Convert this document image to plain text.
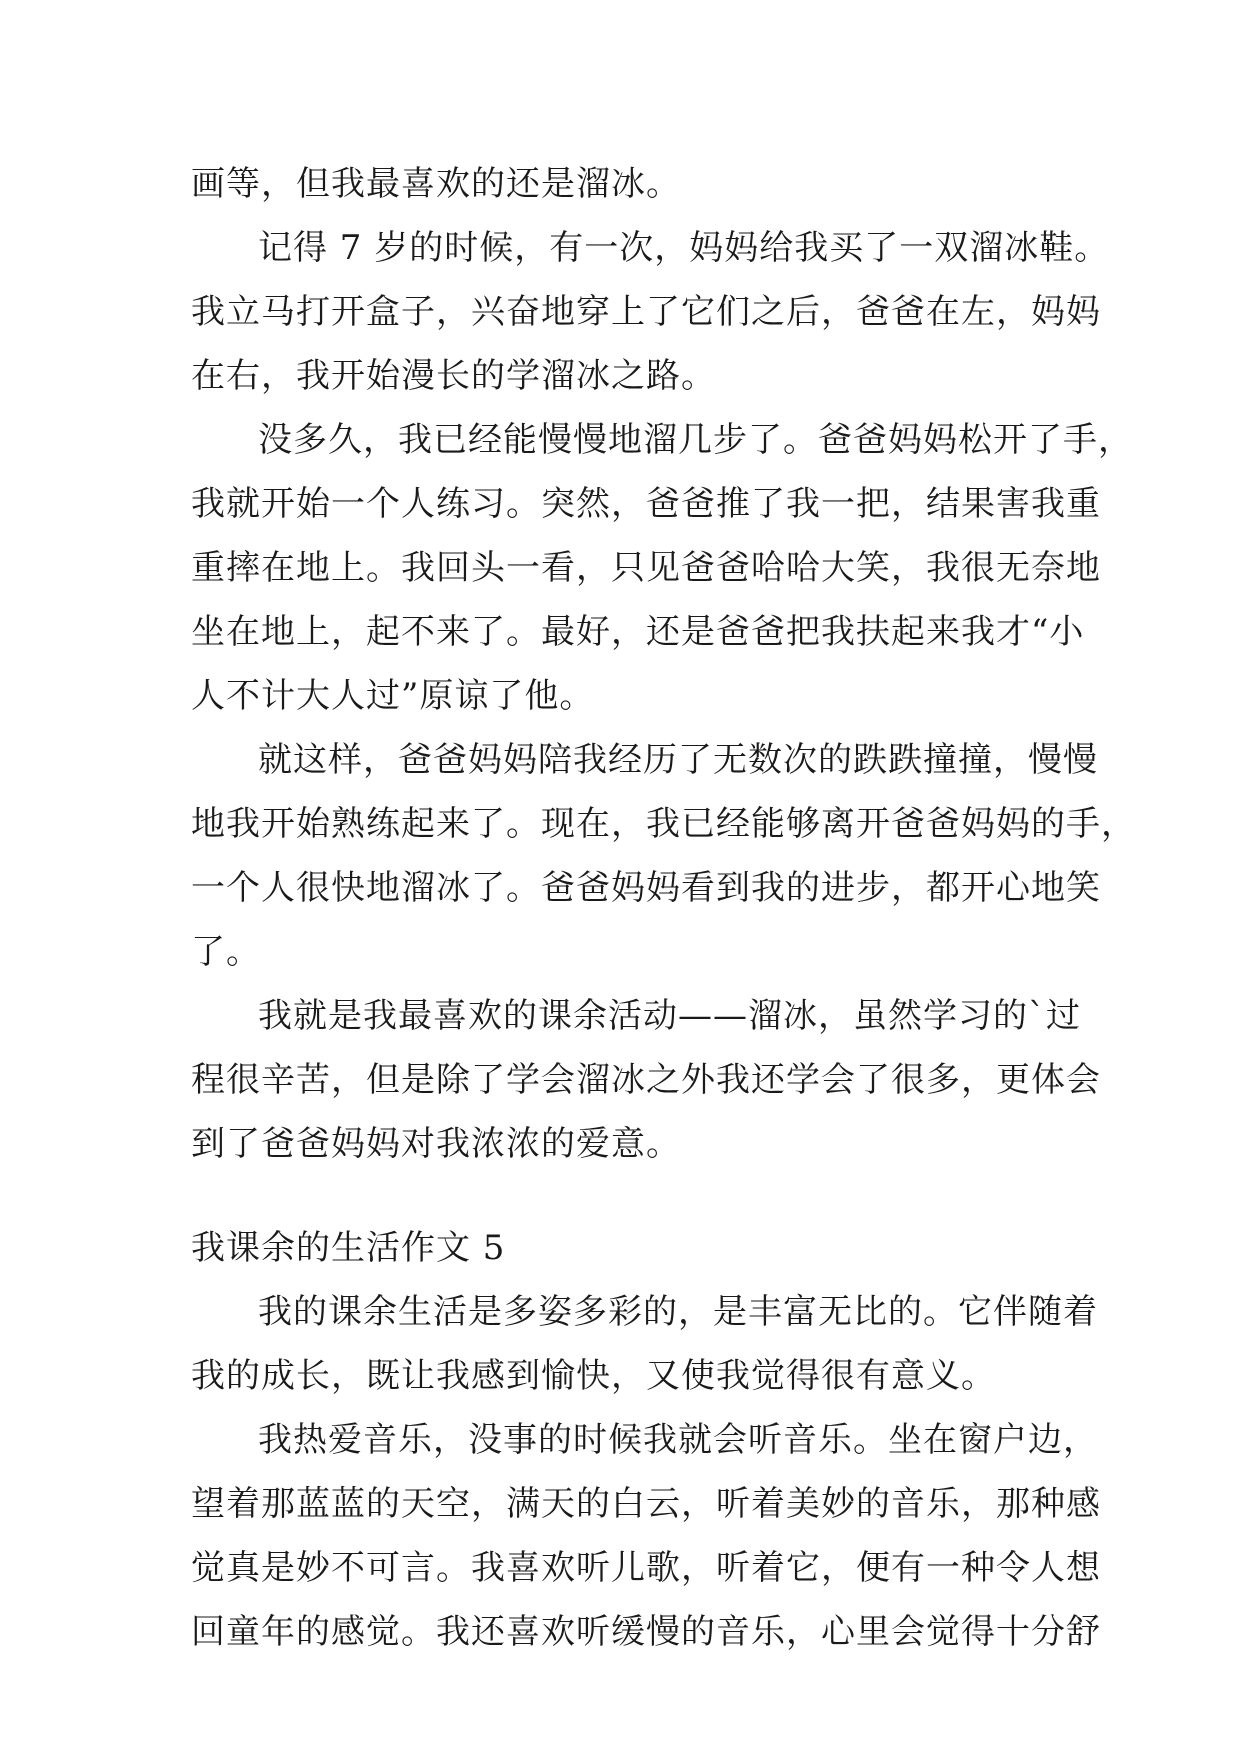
画等，但我最喜欢的还是溜冰。
记得 7 岁的时候，有一次，妈妈给我买了一双溜冰鞋。
我立马打开盒子，兴奋地穿上了它们之后，爸爸在左，妈妈
在右，我开始漫长的学溜冰之路。
没多久，我已经能慢慢地溜几步了。爸爸妈妈松开了手，
我就开始一个人练习。突然，爸爸推了我一把，结果害我重
重摔在地上。我回头一看，只见爸爸哈哈大笑，我很无奈地
坐在地上，起不来了。最好，还是爸爸把我扶起来我才“小
人不计大人过”原谅了他。
就这样，爸爸妈妈陪我经历了无数次的跌跌撞撞，慢慢
地我开始熟练起来了。现在，我已经能够离开爸爸妈妈的手，
一个人很快地溜冰了。爸爸妈妈看到我的进步，都开心地笑
了。
我就是我最喜欢的课余活动——溜冰，虽然学习的`过
程很辛苦，但是除了学会溜冰之外我还学会了很多，更体会
到了爸爸妈妈对我浓浓的爱意。
我课余的生活作文 5
我的课余生活是多姿多彩的，是丰富无比的。它伴随着
我的成长，既让我感到愉快，又使我觉得很有意义。
我热爱音乐，没事的时候我就会听音乐。坐在窗户边，
望着那蓝蓝的天空，满天的白云，听着美妙的音乐，那种感
觉真是妙不可言。我喜欢听儿歌，听着它，便有一种令人想
回童年的感觉。我还喜欢听缓慢的音乐，心里会觉得十分舒
